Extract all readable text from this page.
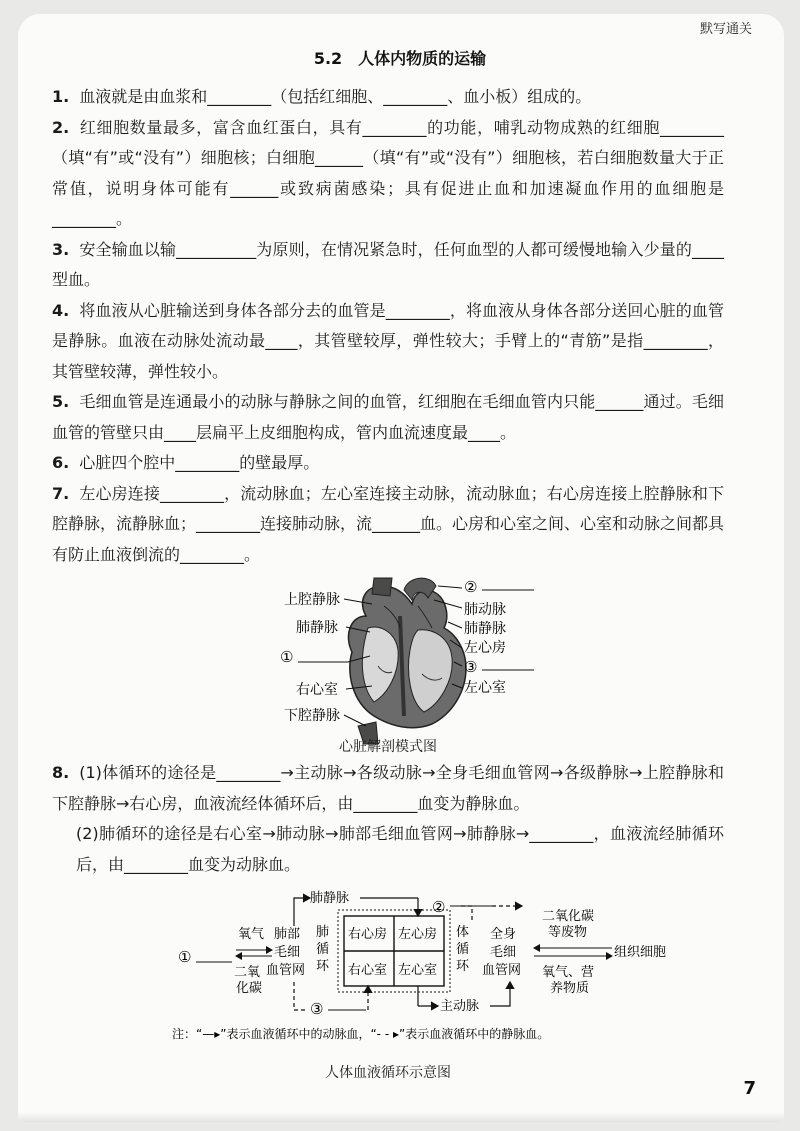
默写通关
5.2　人体内物质的运输

1. 血液就是由血浆和________（包括红细胞、________、血小板）组成的。

2. 红细胞数量最多，富含血红蛋白，具有________的功能，哺乳动物成熟的红细胞________（填“有”或“没有”）细胞核；白细胞______（填“有”或“没有”）细胞核，若白细胞数量大于正常值，说明身体可能有______或致病菌感染；具有促进止血和加速凝血作用的血细胞是________。

3. 安全输血以输__________为原则，在情况紧急时，任何血型的人都可缓慢地输入少量的____型血。

4. 将血液从心脏输送到身体各部分去的血管是________，将血液从身体各部分送回心脏的血管是静脉。血液在动脉处流动最____，其管壁较厚，弹性较大；手臂上的“青筋”是指________，其管壁较薄，弹性较小。

5. 毛细血管是连通最小的动脉与静脉之间的血管，红细胞在毛细血管内只能______通过。毛细血管的管壁只由____层扁平上皮细胞构成，管内血流速度最____。

6. 心脏四个腔中________的壁最厚。

7. 左心房连接________，流动脉血；左心室连接主动脉，流动脉血；右心房连接上腔静脉和下腔静脉，流静脉血；________连接肺动脉，流______血。心房和心室之间、心室和动脉之间都具有防止血液倒流的________。

上腔静脉
肺静脉
①
右心室
下腔静脉
②
肺动脉
肺静脉
左心房
③
左心室
心脏解剖模式图

8. (1)体循环的途径是________→主动脉→各级动脉→全身毛细血管网→各级静脉→上腔静脉和下腔静脉→右心房，血液流经体循环后，由________血变为静脉血。

(2)肺循环的途径是右心室→肺动脉→肺部毛细血管网→肺静脉→________，血液流经肺循环后，由________血变为动脉血。

右心房 左心房
右心室 左心室
肺静脉	②
①
氧气
二氧
化碳
肺部
毛细
血管网
肺
循
环
体
循
环
全身
毛细
血管网
二氧化碳
等废物
组织细胞
氧气、营
养物质
③	主动脉
注：“—▸”表示血液循环中的动脉血，“- - ▸”表示血液循环中的静脉血。
人体血液循环示意图
7
